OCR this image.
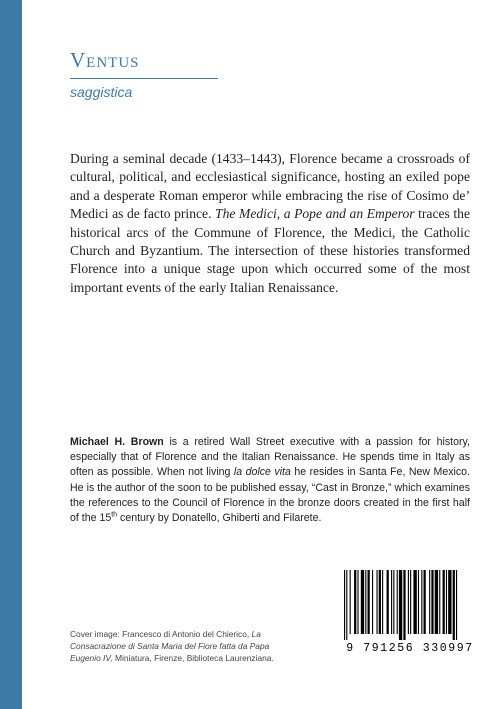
Ventus
saggistica
During a seminal decade (1433–1443), Florence became a crossroads of cultural, political, and ecclesiastical significance, hosting an exiled pope and a desperate Roman emperor while embracing the rise of Cosimo de’ Medici as de facto prince. The Medici, a Pope and an Emperor traces the historical arcs of the Commune of Florence, the Medici, the Catholic Church and Byzantium. The intersection of these histories transformed Florence into a unique stage upon which occurred some of the most important events of the early Italian Renaissance.
Michael H. Brown is a retired Wall Street executive with a passion for history, especially that of Florence and the Italian Renaissance. He spends time in Italy as often as possible. When not living la dolce vita he resides in Santa Fe, New Mexico. He is the author of the soon to be published essay, “Cast in Bronze,” which examines the references to the Council of Florence in the bronze doors created in the first half of the 15th century by Donatello, Ghiberti and Filarete.
Cover image: Francesco di Antonio del Chierico, La Consacrazione di Santa Maria del Fiore fatta da Papa Eugenio IV, Miniatura, Firenze, Biblioteca Laurenziana.
9 791256 330997
